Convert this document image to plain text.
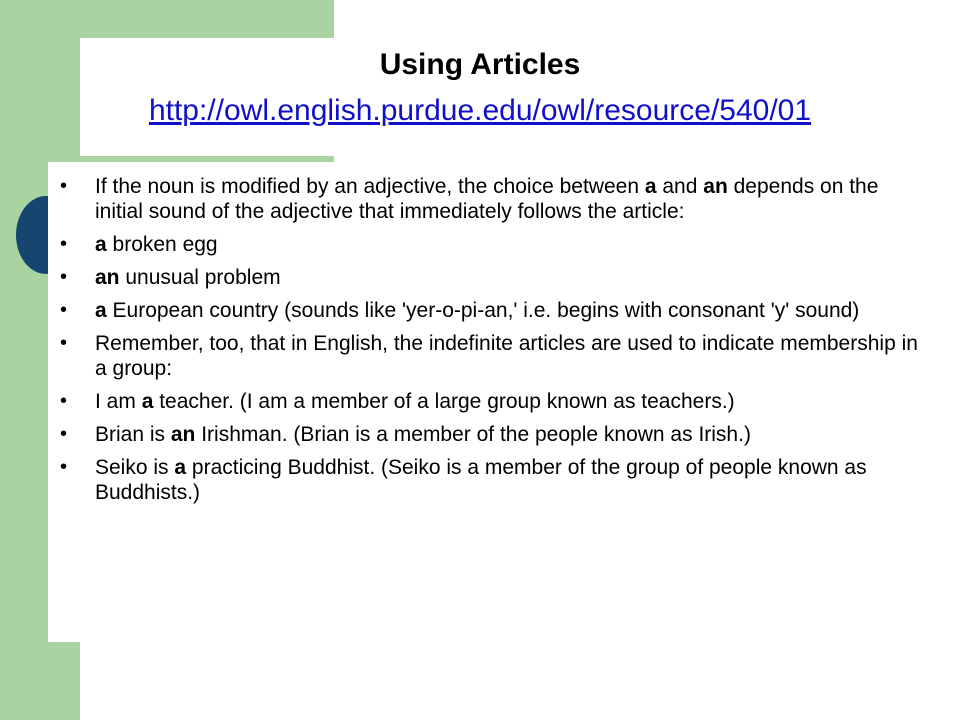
Using Articles
http://owl.english.purdue.edu/owl/resource/540/01
• If the noun is modified by an adjective, the choice between a and an depends on the initial sound of the adjective that immediately follows the article:
• a broken egg
• an unusual problem
• a European country (sounds like 'yer-o-pi-an,' i.e. begins with consonant 'y' sound)
• Remember, too, that in English, the indefinite articles are used to indicate membership in a group:
• I am a teacher. (I am a member of a large group known as teachers.)
• Brian is an Irishman. (Brian is a member of the people known as Irish.)
• Seiko is a practicing Buddhist. (Seiko is a member of the group of people known as Buddhists.)
